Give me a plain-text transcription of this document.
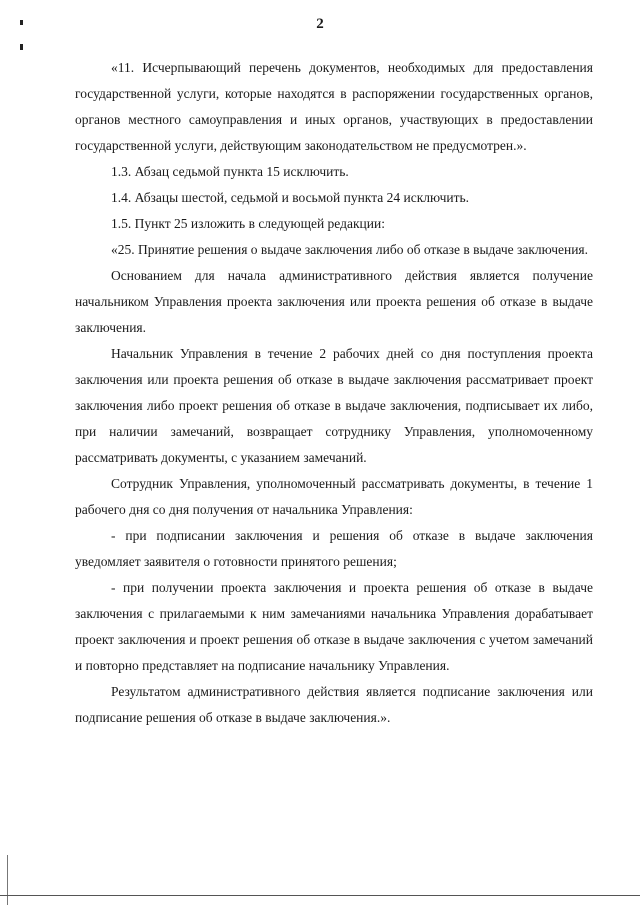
2

«11. Исчерпывающий перечень документов, необходимых для предоставления государственной услуги, которые находятся в распоряжении государственных органов, органов местного самоуправления и иных органов, участвующих в предоставлении государственной услуги, действующим законодательством не предусмотрен.».

1.3. Абзац седьмой пункта 15 исключить.

1.4. Абзацы шестой, седьмой и восьмой пункта 24 исключить.

1.5. Пункт 25 изложить в следующей редакции:

«25. Принятие решения о выдаче заключения либо об отказе в выдаче заключения.

Основанием для начала административного действия является получение начальником Управления проекта заключения или проекта решения об отказе в выдаче заключения.

Начальник Управления в течение 2 рабочих дней со дня поступления проекта заключения или проекта решения об отказе в выдаче заключения рассматривает проект заключения либо проект решения об отказе в выдаче заключения, подписывает их либо, при наличии замечаний, возвращает сотруднику Управления, уполномоченному рассматривать документы, с указанием замечаний.

Сотрудник Управления, уполномоченный рассматривать документы, в течение 1 рабочего дня со дня получения от начальника Управления:

- при подписании заключения и решения об отказе в выдаче заключения уведомляет заявителя о готовности принятого решения;

- при получении проекта заключения и проекта решения об отказе в выдаче заключения с прилагаемыми к ним замечаниями начальника Управления дорабатывает проект заключения и проект решения об отказе в выдаче заключения с учетом замечаний и повторно представляет на подписание начальнику Управления.

Результатом административного действия является подписание заключения или подписание решения об отказе в выдаче заключения.».
